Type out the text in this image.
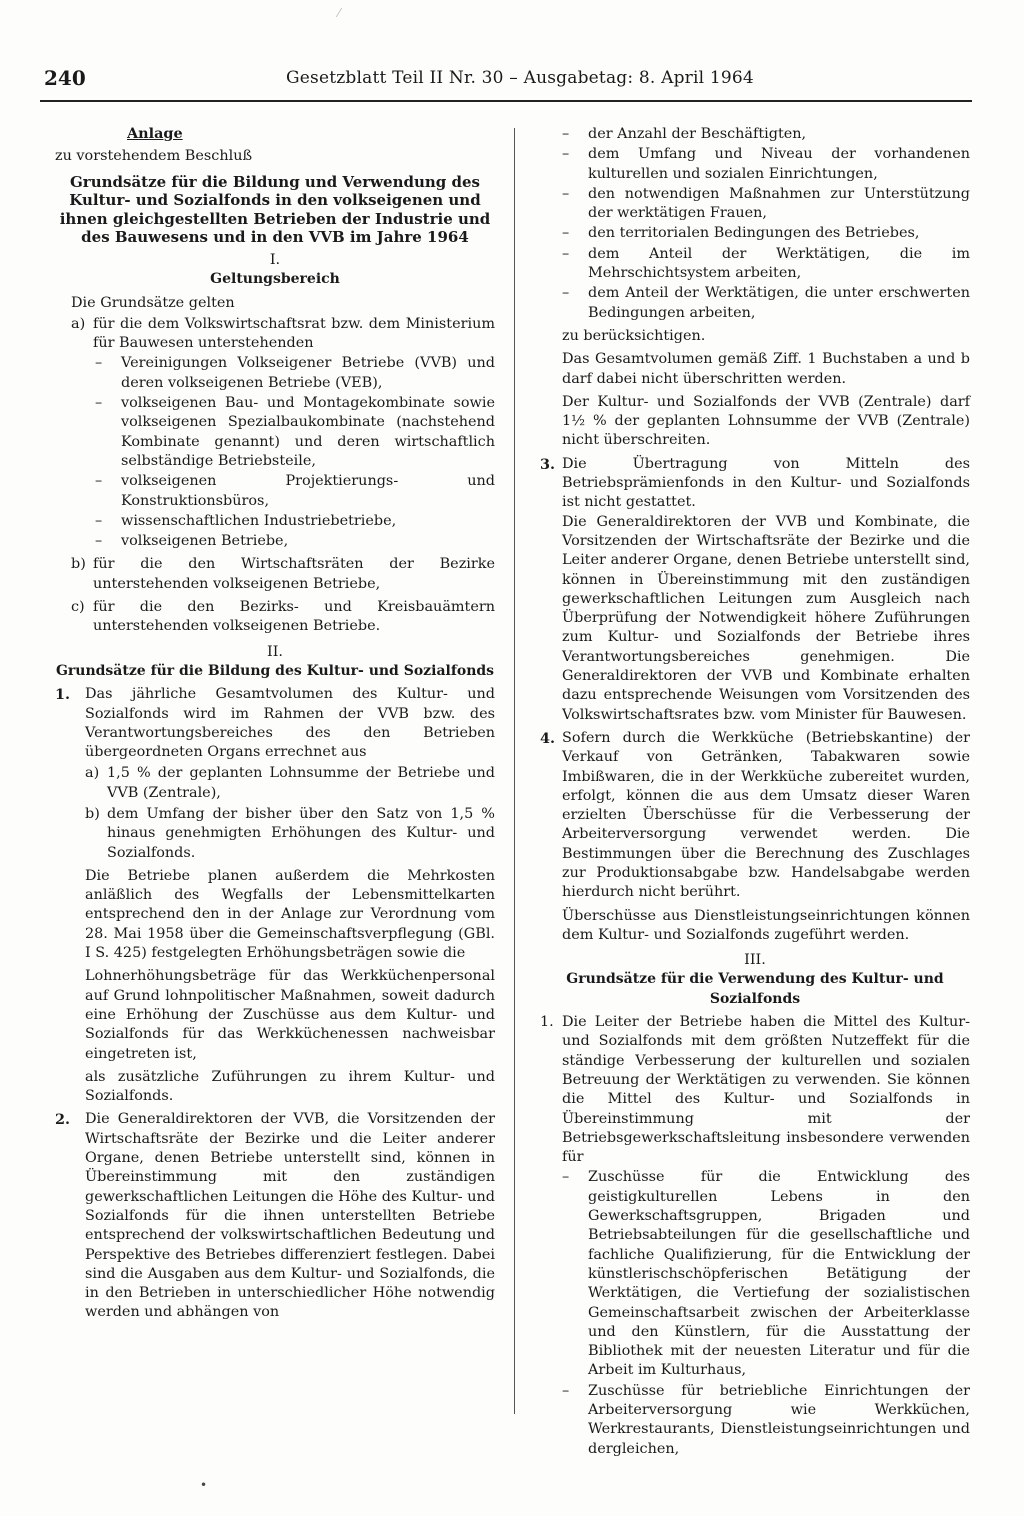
⁄
240	Gesetzblatt Teil II Nr. 30 – Ausgabetag: 8. April 1964

Anlage

zu vorstehendem Beschluß

Grundsätze für die Bildung und Verwendung des Kultur- und Sozialfonds in den volkseigenen und ihnen gleichgestellten Betrieben der Industrie und des Bauwesens und in den VVB im Jahre 1964

I.

Geltungsbereich

Die Grundsätze gelten

a) für die dem Volkswirtschaftsrat bzw. dem Ministerium für Bauwesen unterstehenden
–	Vereinigungen Volkseigener Betriebe (VVB) und deren volkseigenen Betriebe (VEB),
–	volkseigenen Bau- und Montagekombinate sowie volkseigenen Spezialbaukombinate (nachstehend Kombinate genannt) und deren wirtschaftlich selbständige Betriebsteile,
–	volkseigenen Projektierungs- und Konstruktionsbüros,
–	wissenschaftlichen Industriebetriebe,
–	volkseigenen Betriebe,
b) für die den Wirtschaftsräten der Bezirke unterstehenden volkseigenen Betriebe,
c) für die den Bezirks- und Kreisbauämtern unterstehenden volkseigenen Betriebe.

II.

Grundsätze für die Bildung des Kultur- und Sozialfonds

1.	Das jährliche Gesamtvolumen des Kultur- und Sozialfonds wird im Rahmen der VVB bzw. des Verantwortungsbereiches des den Betrieben übergeordneten Organs errechnet aus
a) 1,5 % der geplanten Lohnsumme der Betriebe und VVB (Zentrale),
b) dem Umfang der bisher über den Satz von 1,5 % hinaus genehmigten Erhöhungen des Kultur- und Sozialfonds.

Die Betriebe planen außerdem die Mehrkosten anläßlich des Wegfalls der Lebensmittelkarten entsprechend den in der Anlage zur Verordnung vom 28. Mai 1958 über die Gemeinschaftsverpflegung (GBl. I S. 425) festgelegten Erhöhungsbeträgen sowie die

Lohnerhöhungsbeträge für das Werkküchenpersonal auf Grund lohnpolitischer Maßnahmen, soweit dadurch eine Erhöhung der Zuschüsse aus dem Kultur- und Sozialfonds für das Werkküchenessen nachweisbar eingetreten ist,

als zusätzliche Zuführungen zu ihrem Kultur- und Sozialfonds.

2.	Die Generaldirektoren der VVB, die Vorsitzenden der Wirtschaftsräte der Bezirke und die Leiter anderer Organe, denen Betriebe unterstellt sind, können in Übereinstimmung mit den zuständigen gewerkschaftlichen Leitungen die Höhe des Kultur- und Sozialfonds für die ihnen unterstellten Betriebe entsprechend der volkswirtschaftlichen Bedeutung und Perspektive des Betriebes differenziert festlegen. Dabei sind die Ausgaben aus dem Kultur- und Sozialfonds, die in den Betrieben in unterschiedlicher Höhe notwendig werden und abhängen von
–	der Anzahl der Beschäftigten,
–	dem Umfang und Niveau der vorhandenen kulturellen und sozialen Einrichtungen,
–	den notwendigen Maßnahmen zur Unterstützung der werktätigen Frauen,
–	den territorialen Bedingungen des Betriebes,
–	dem Anteil der Werktätigen, die im Mehrschichtsystem arbeiten,
–	dem Anteil der Werktätigen, die unter erschwerten Bedingungen arbeiten,

zu berücksichtigen.

Das Gesamtvolumen gemäß Ziff. 1 Buchstaben a und b darf dabei nicht überschritten werden.

Der Kultur- und Sozialfonds der VVB (Zentrale) darf 1½ % der geplanten Lohnsumme der VVB (Zentrale) nicht überschreiten.

3. Die Übertragung von Mitteln des Betriebsprämienfonds in den Kultur- und Sozialfonds ist nicht gestattet.

Die Generaldirektoren der VVB und Kombinate, die Vorsitzenden der Wirtschaftsräte der Bezirke und die Leiter anderer Organe, denen Betriebe unterstellt sind, können in Übereinstimmung mit den zuständigen gewerkschaftlichen Leitungen zum Ausgleich nach Überprüfung der Notwendigkeit höhere Zuführungen zum Kultur- und Sozialfonds der Betriebe ihres Verantwortungsbereiches genehmigen. Die Generaldirektoren der VVB und Kombinate erhalten dazu entsprechende Weisungen vom Vorsitzenden des Volkswirtschaftsrates bzw. vom Minister für Bauwesen.

4. Sofern durch die Werkküche (Betriebskantine) der Verkauf von Getränken, Tabakwaren sowie Imbißwaren, die in der Werkküche zubereitet wurden, erfolgt, können die aus dem Umsatz dieser Waren erzielten Überschüsse für die Verbesserung der Arbeiterversorgung verwendet werden. Die Bestimmungen über die Berechnung des Zuschlages zur Produktionsabgabe bzw. Handelsabgabe werden hierdurch nicht berührt.

Überschüsse aus Dienstleistungseinrichtungen können dem Kultur- und Sozialfonds zugeführt werden.

III.

Grundsätze für die Verwendung des Kultur- und Sozialfonds

1. Die Leiter der Betriebe haben die Mittel des Kultur- und Sozialfonds mit dem größten Nutzeffekt für die ständige Verbesserung der kulturellen und sozialen Betreuung der Werktätigen zu verwenden. Sie können die Mittel des Kultur- und Sozialfonds in Übereinstimmung mit der Betriebsgewerkschaftsleitung insbesondere verwenden für
–	Zuschüsse für die Entwicklung des geistigkulturellen Lebens in den Gewerkschaftsgruppen, Brigaden und Betriebsabteilungen für die gesellschaftliche und fachliche Qualifizierung, für die Entwicklung der künstlerischschöpferischen Betätigung der Werktätigen, die Vertiefung der sozialistischen Gemeinschaftsarbeit zwischen der Arbeiterklasse und den Künstlern, für die Ausstattung der Bibliothek mit der neuesten Literatur und für die Arbeit im Kulturhaus,
–	Zuschüsse für betriebliche Einrichtungen der Arbeiterversorgung wie Werkküchen, Werkrestaurants, Dienstleistungseinrichtungen und dergleichen,
•
